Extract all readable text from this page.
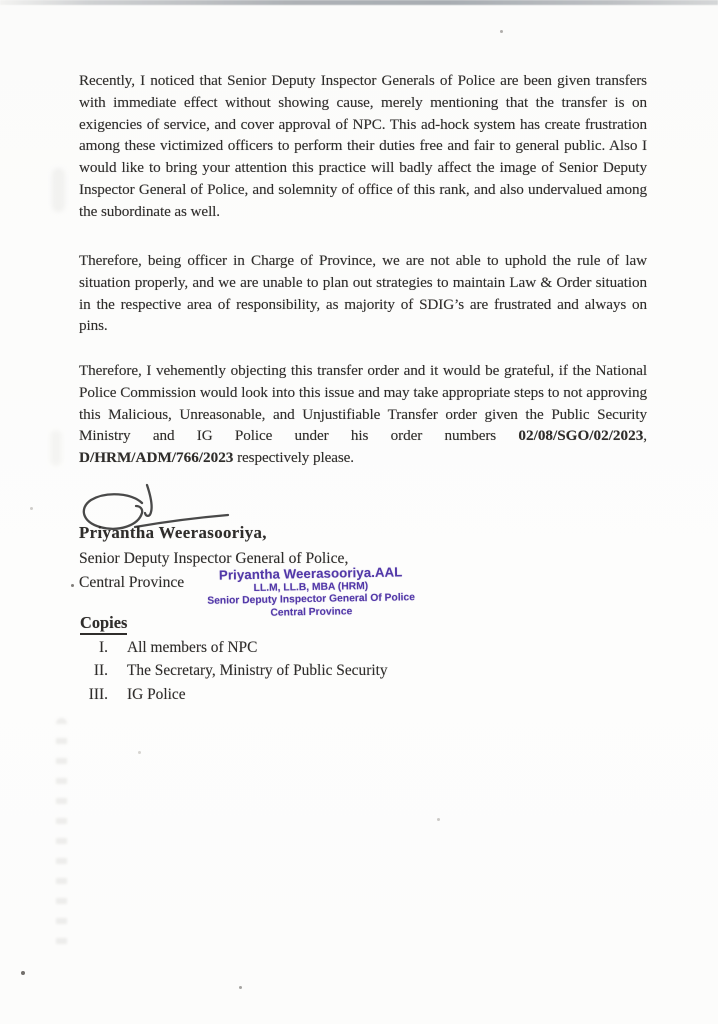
Recently, I noticed that Senior Deputy Inspector Generals of Police are been given transfers with immediate effect without showing cause, merely mentioning that the transfer is on exigencies of service, and cover approval of NPC. This ad-hock system has create frustration among these victimized officers to perform their duties free and fair to general public. Also I would like to bring your attention this practice will badly affect the image of Senior Deputy Inspector General of Police, and solemnity of office of this rank, and also undervalued among the subordinate as well.

Therefore, being officer in Charge of Province, we are not able to uphold the rule of law situation properly, and we are unable to plan out strategies to maintain Law & Order situation in the respective area of responsibility, as majority of SDIG’s are frustrated and always on pins.

Therefore, I vehemently objecting this transfer order and it would be grateful, if the National Police Commission would look into this issue and may take appropriate steps to not approving this Malicious, Unreasonable, and Unjustifiable Transfer order given the Public Security Ministry and IG Police under his order numbers 02/08/SGO/02/2023, D/HRM/ADM/766/2023 respectively please.

Priyantha Weerasooriya,

Senior Deputy Inspector General of Police,

Central Province	Priyantha Weerasooriya.AAL
LL.M, LL.B, MBA (HRM)
Senior Deputy Inspector General Of Police
Central Province

Copies

I. All members of NPC
II. The Secretary, Ministry of Public Security
III. IG Police
